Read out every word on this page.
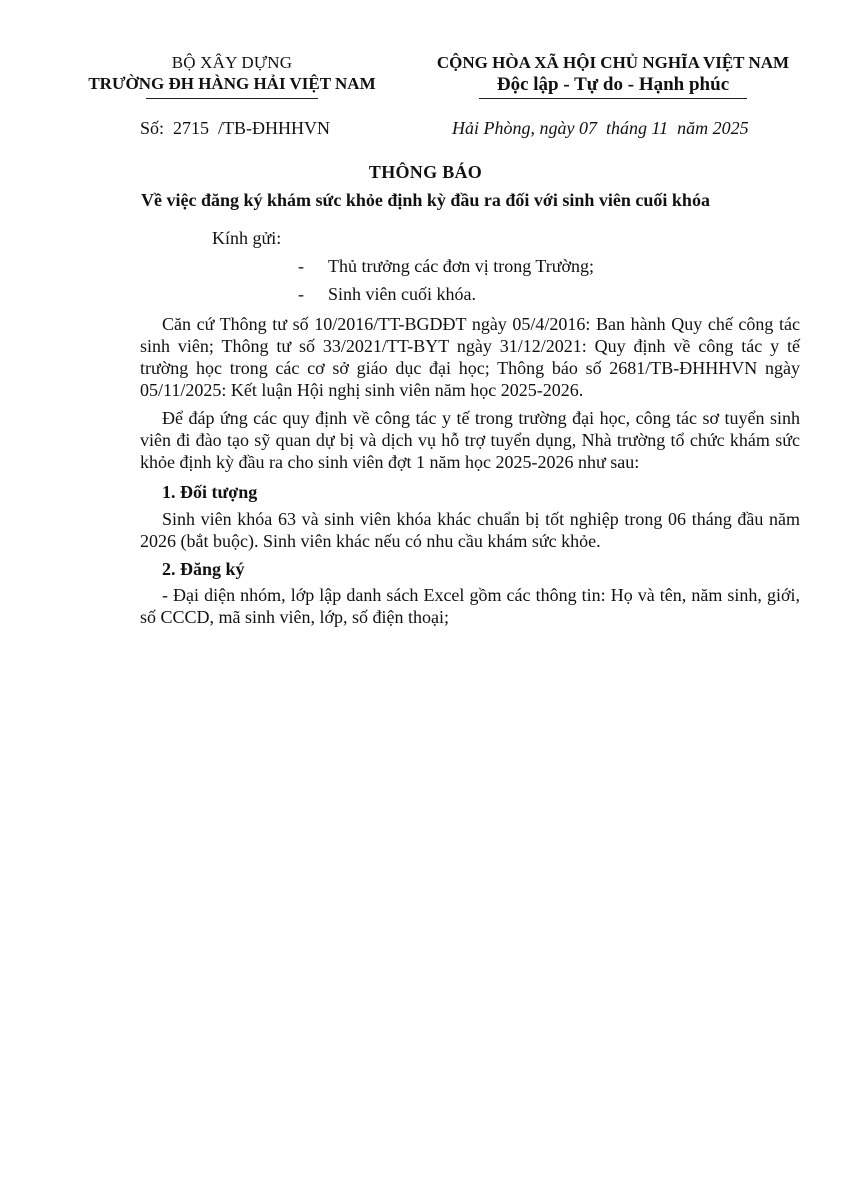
BỘ XÂY DỰNG
TRƯỜNG ĐH HÀNG HẢI VIỆT NAM
CỘNG HÒA XÃ HỘI CHỦ NGHĨA VIỆT NAM
Độc lập - Tự do - Hạnh phúc
Số:  2715  /TB-ĐHHHVN	Hải Phòng, ngày 07  tháng 11  năm 2025
THÔNG BÁO
Về việc đăng ký khám sức khỏe định kỳ đầu ra đối với sinh viên cuối khóa
Kính gửi:
- Thủ trưởng các đơn vị trong Trường;
- Sinh viên cuối khóa.
Căn cứ Thông tư số 10/2016/TT-BGDĐT ngày 05/4/2016: Ban hành Quy chế công tác sinh viên; Thông tư số 33/2021/TT-BYT ngày 31/12/2021: Quy định về công tác y tế trường học trong các cơ sở giáo dục đại học; Thông báo số 2681/TB-ĐHHHVN ngày 05/11/2025: Kết luận Hội nghị sinh viên năm học 2025-2026.
Để đáp ứng các quy định về công tác y tế trong trường đại học, công tác sơ tuyển sinh viên đi đào tạo sỹ quan dự bị và dịch vụ hỗ trợ tuyển dụng, Nhà trường tổ chức khám sức khỏe định kỳ đầu ra cho sinh viên đợt 1 năm học 2025-2026 như sau:
1. Đối tượng
Sinh viên khóa 63 và sinh viên khóa khác chuẩn bị tốt nghiệp trong 06 tháng đầu năm 2026 (bắt buộc). Sinh viên khác nếu có nhu cầu khám sức khỏe.
2. Đăng ký
- Đại diện nhóm, lớp lập danh sách Excel gồm các thông tin: Họ và tên, năm sinh, giới, số CCCD, mã sinh viên, lớp, số điện thoại;
